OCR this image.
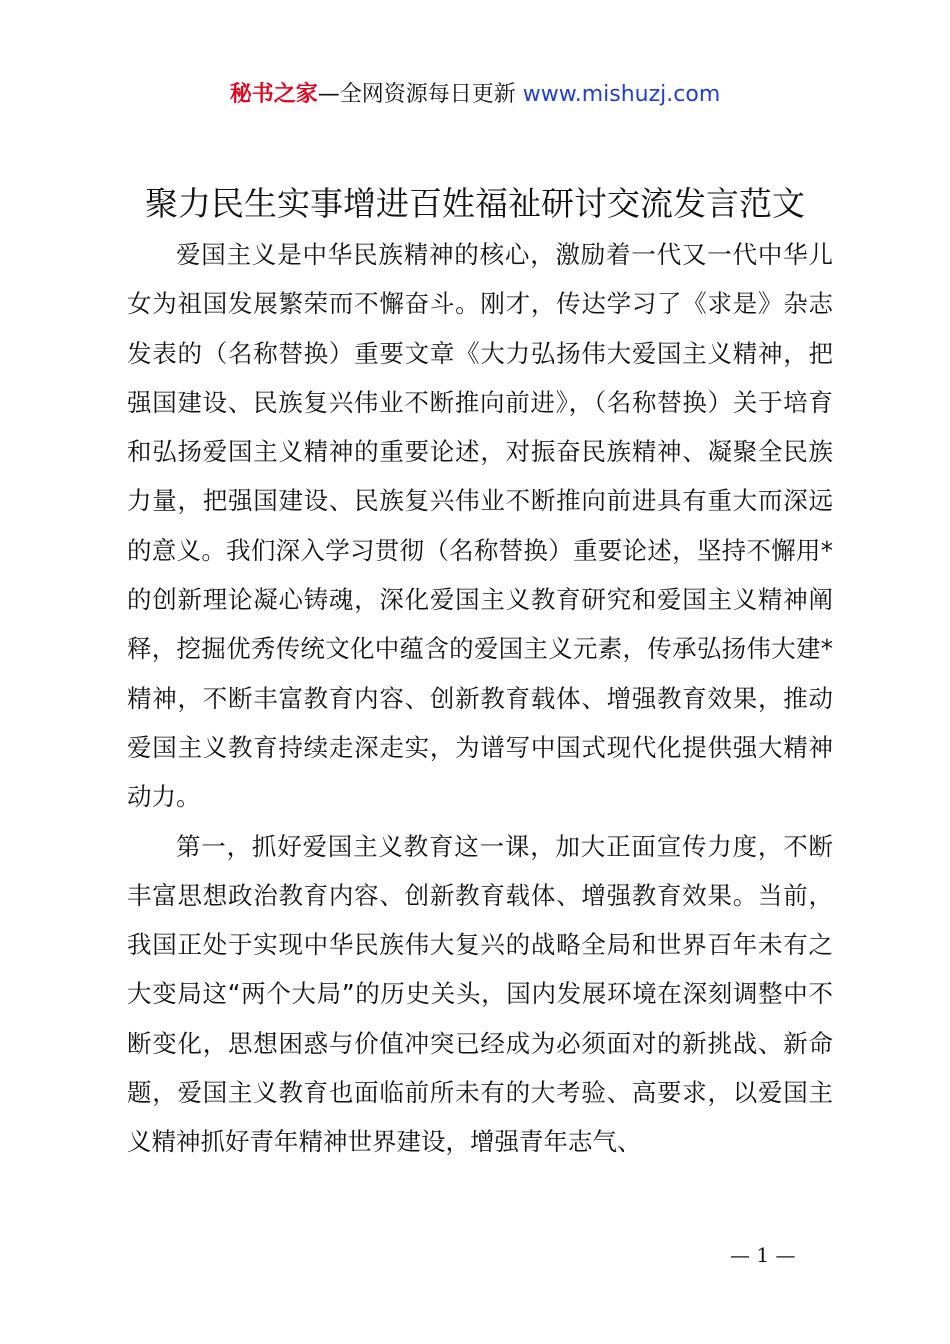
秘书之家—全网资源每日更新 www.mishuzj.com
聚力民生实事增进百姓福祉研讨交流发言范文

爱国主义是中华民族精神的核心，激励着一代又一代中华儿女为祖国发展繁荣而不懈奋斗。刚才，传达学习了《求是》杂志发表的（名称替换）重要文章《大力弘扬伟大爱国主义精神，把强国建设、民族复兴伟业不断推向前进》，（名称替换）关于培育和弘扬爱国主义精神的重要论述，对振奋民族精神、凝聚全民族力量，把强国建设、民族复兴伟业不断推向前进具有重大而深远的意义。我们深入学习贯彻（名称替换）重要论述，坚持不懈用*的创新理论凝心铸魂，深化爱国主义教育研究和爱国主义精神阐释，挖掘优秀传统文化中蕴含的爱国主义元素，传承弘扬伟大建*精神，不断丰富教育内容、创新教育载体、增强教育效果，推动爱国主义教育持续走深走实，为谱写中国式现代化提供强大精神动力。

第一，抓好爱国主义教育这一课，加大正面宣传力度，不断丰富思想政治教育内容、创新教育载体、增强教育效果。当前，我国正处于实现中华民族伟大复兴的战略全局和世界百年未有之大变局这“两个大局”的历史关头，国内发展环境在深刻调整中不断变化，思想困惑与价值冲突已经成为必须面对的新挑战、新命题，爱国主义教育也面临前所未有的大考验、高要求，以爱国主义精神抓好青年精神世界建设，增强青年志气、

— 1 —
